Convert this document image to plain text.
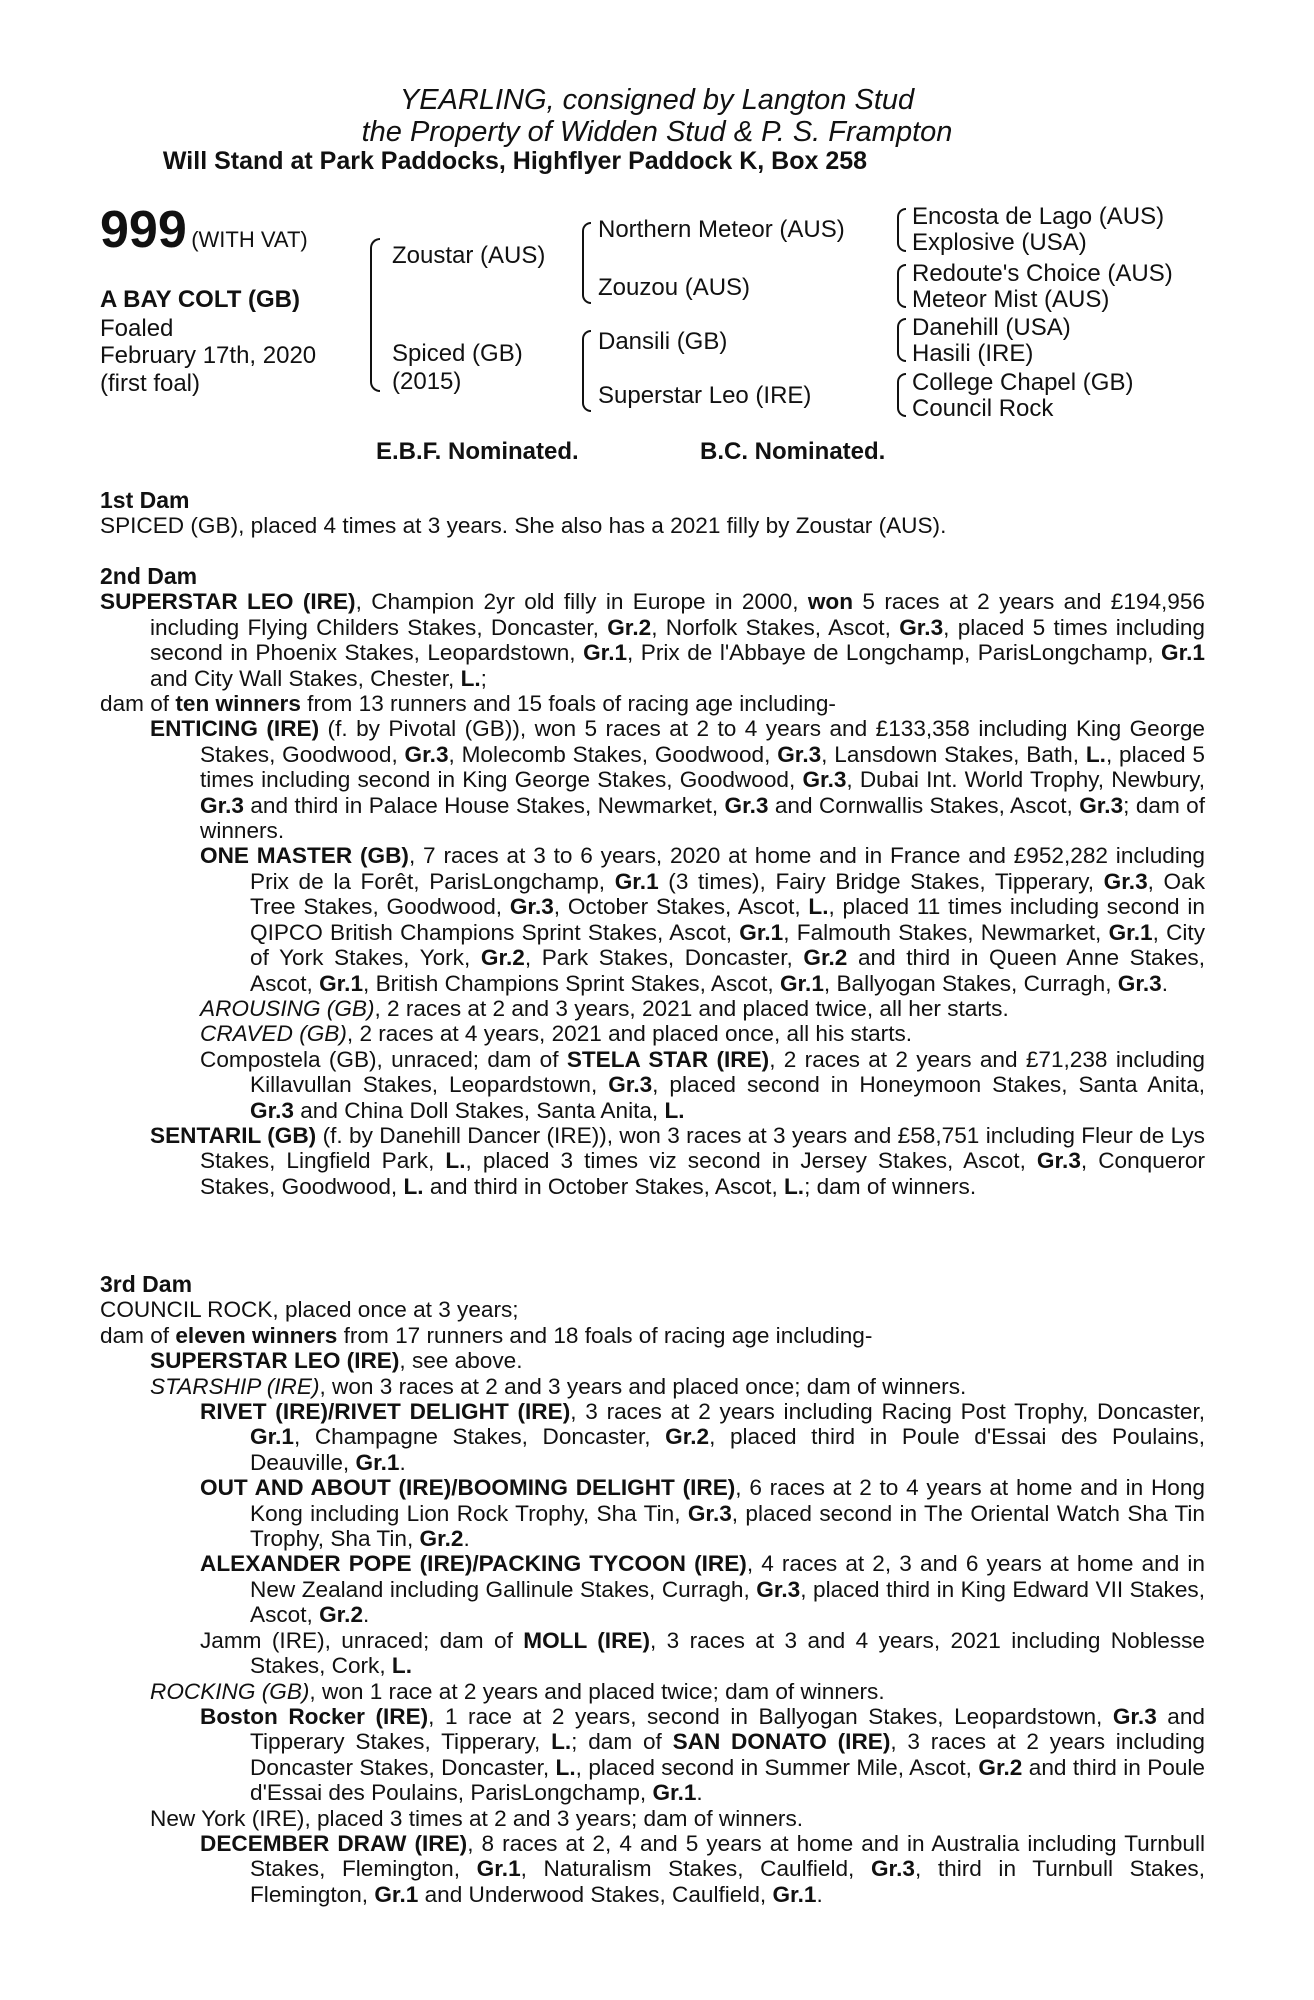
YEARLING, consigned by Langton Stud
the Property of Widden Stud & P. S. Frampton
Will Stand at Park Paddocks, Highflyer Paddock K, Box 258
999 (WITH VAT)
A BAY COLT (GB)
Foaled
February 17th, 2020
(first foal)
Zoustar (AUS)
Spiced (GB)
(2015)
Northern Meteor (AUS)
Zouzou (AUS)
Dansili (GB)
Superstar Leo (IRE)
Encosta de Lago (AUS)
Explosive (USA)
Redoute's Choice (AUS)
Meteor Mist (AUS)
Danehill (USA)
Hasili (IRE)
College Chapel (GB)
Council Rock
E.B.F. Nominated.	B.C. Nominated.
1st Dam
SPICED (GB), placed 4 times at 3 years. She also has a 2021 filly by Zoustar (AUS).
2nd Dam
SUPERSTAR LEO (IRE), Champion 2yr old filly in Europe in 2000, won 5 races at 2 years and £194,956 including Flying Childers Stakes, Doncaster, Gr.2, Norfolk Stakes, Ascot, Gr.3, placed 5 times including second in Phoenix Stakes, Leopardstown, Gr.1, Prix de l'Abbaye de Longchamp, ParisLongchamp, Gr.1 and City Wall Stakes, Chester, L.;
dam of ten winners from 13 runners and 15 foals of racing age including-
ENTICING (IRE) (f. by Pivotal (GB)), won 5 races at 2 to 4 years and £133,358 including King George Stakes, Goodwood, Gr.3, Molecomb Stakes, Goodwood, Gr.3, Lansdown Stakes, Bath, L., placed 5 times including second in King George Stakes, Goodwood, Gr.3, Dubai Int. World Trophy, Newbury, Gr.3 and third in Palace House Stakes, Newmarket, Gr.3 and Cornwallis Stakes, Ascot, Gr.3; dam of winners.
ONE MASTER (GB), 7 races at 3 to 6 years, 2020 at home and in France and £952,282 including Prix de la Forêt, ParisLongchamp, Gr.1 (3 times), Fairy Bridge Stakes, Tipperary, Gr.3, Oak Tree Stakes, Goodwood, Gr.3, October Stakes, Ascot, L., placed 11 times including second in QIPCO British Champions Sprint Stakes, Ascot, Gr.1, Falmouth Stakes, Newmarket, Gr.1, City of York Stakes, York, Gr.2, Park Stakes, Doncaster, Gr.2 and third in Queen Anne Stakes, Ascot, Gr.1, British Champions Sprint Stakes, Ascot, Gr.1, Ballyogan Stakes, Curragh, Gr.3.
AROUSING (GB), 2 races at 2 and 3 years, 2021 and placed twice, all her starts.
CRAVED (GB), 2 races at 4 years, 2021 and placed once, all his starts.
Compostela (GB), unraced; dam of STELA STAR (IRE), 2 races at 2 years and £71,238 including Killavullan Stakes, Leopardstown, Gr.3, placed second in Honeymoon Stakes, Santa Anita, Gr.3 and China Doll Stakes, Santa Anita, L.
SENTARIL (GB) (f. by Danehill Dancer (IRE)), won 3 races at 3 years and £58,751 including Fleur de Lys Stakes, Lingfield Park, L., placed 3 times viz second in Jersey Stakes, Ascot, Gr.3, Conqueror Stakes, Goodwood, L. and third in October Stakes, Ascot, L.; dam of winners.
3rd Dam
COUNCIL ROCK, placed once at 3 years;
dam of eleven winners from 17 runners and 18 foals of racing age including-
SUPERSTAR LEO (IRE), see above.
STARSHIP (IRE), won 3 races at 2 and 3 years and placed once; dam of winners.
RIVET (IRE)/RIVET DELIGHT (IRE), 3 races at 2 years including Racing Post Trophy, Doncaster, Gr.1, Champagne Stakes, Doncaster, Gr.2, placed third in Poule d'Essai des Poulains, Deauville, Gr.1.
OUT AND ABOUT (IRE)/BOOMING DELIGHT (IRE), 6 races at 2 to 4 years at home and in Hong Kong including Lion Rock Trophy, Sha Tin, Gr.3, placed second in The Oriental Watch Sha Tin Trophy, Sha Tin, Gr.2.
ALEXANDER POPE (IRE)/PACKING TYCOON (IRE), 4 races at 2, 3 and 6 years at home and in New Zealand including Gallinule Stakes, Curragh, Gr.3, placed third in King Edward VII Stakes, Ascot, Gr.2.
Jamm (IRE), unraced; dam of MOLL (IRE), 3 races at 3 and 4 years, 2021 including Noblesse Stakes, Cork, L.
ROCKING (GB), won 1 race at 2 years and placed twice; dam of winners.
Boston Rocker (IRE), 1 race at 2 years, second in Ballyogan Stakes, Leopardstown, Gr.3 and Tipperary Stakes, Tipperary, L.; dam of SAN DONATO (IRE), 3 races at 2 years including Doncaster Stakes, Doncaster, L., placed second in Summer Mile, Ascot, Gr.2 and third in Poule d'Essai des Poulains, ParisLongchamp, Gr.1.
New York (IRE), placed 3 times at 2 and 3 years; dam of winners.
DECEMBER DRAW (IRE), 8 races at 2, 4 and 5 years at home and in Australia including Turnbull Stakes, Flemington, Gr.1, Naturalism Stakes, Caulfield, Gr.3, third in Turnbull Stakes, Flemington, Gr.1 and Underwood Stakes, Caulfield, Gr.1.
